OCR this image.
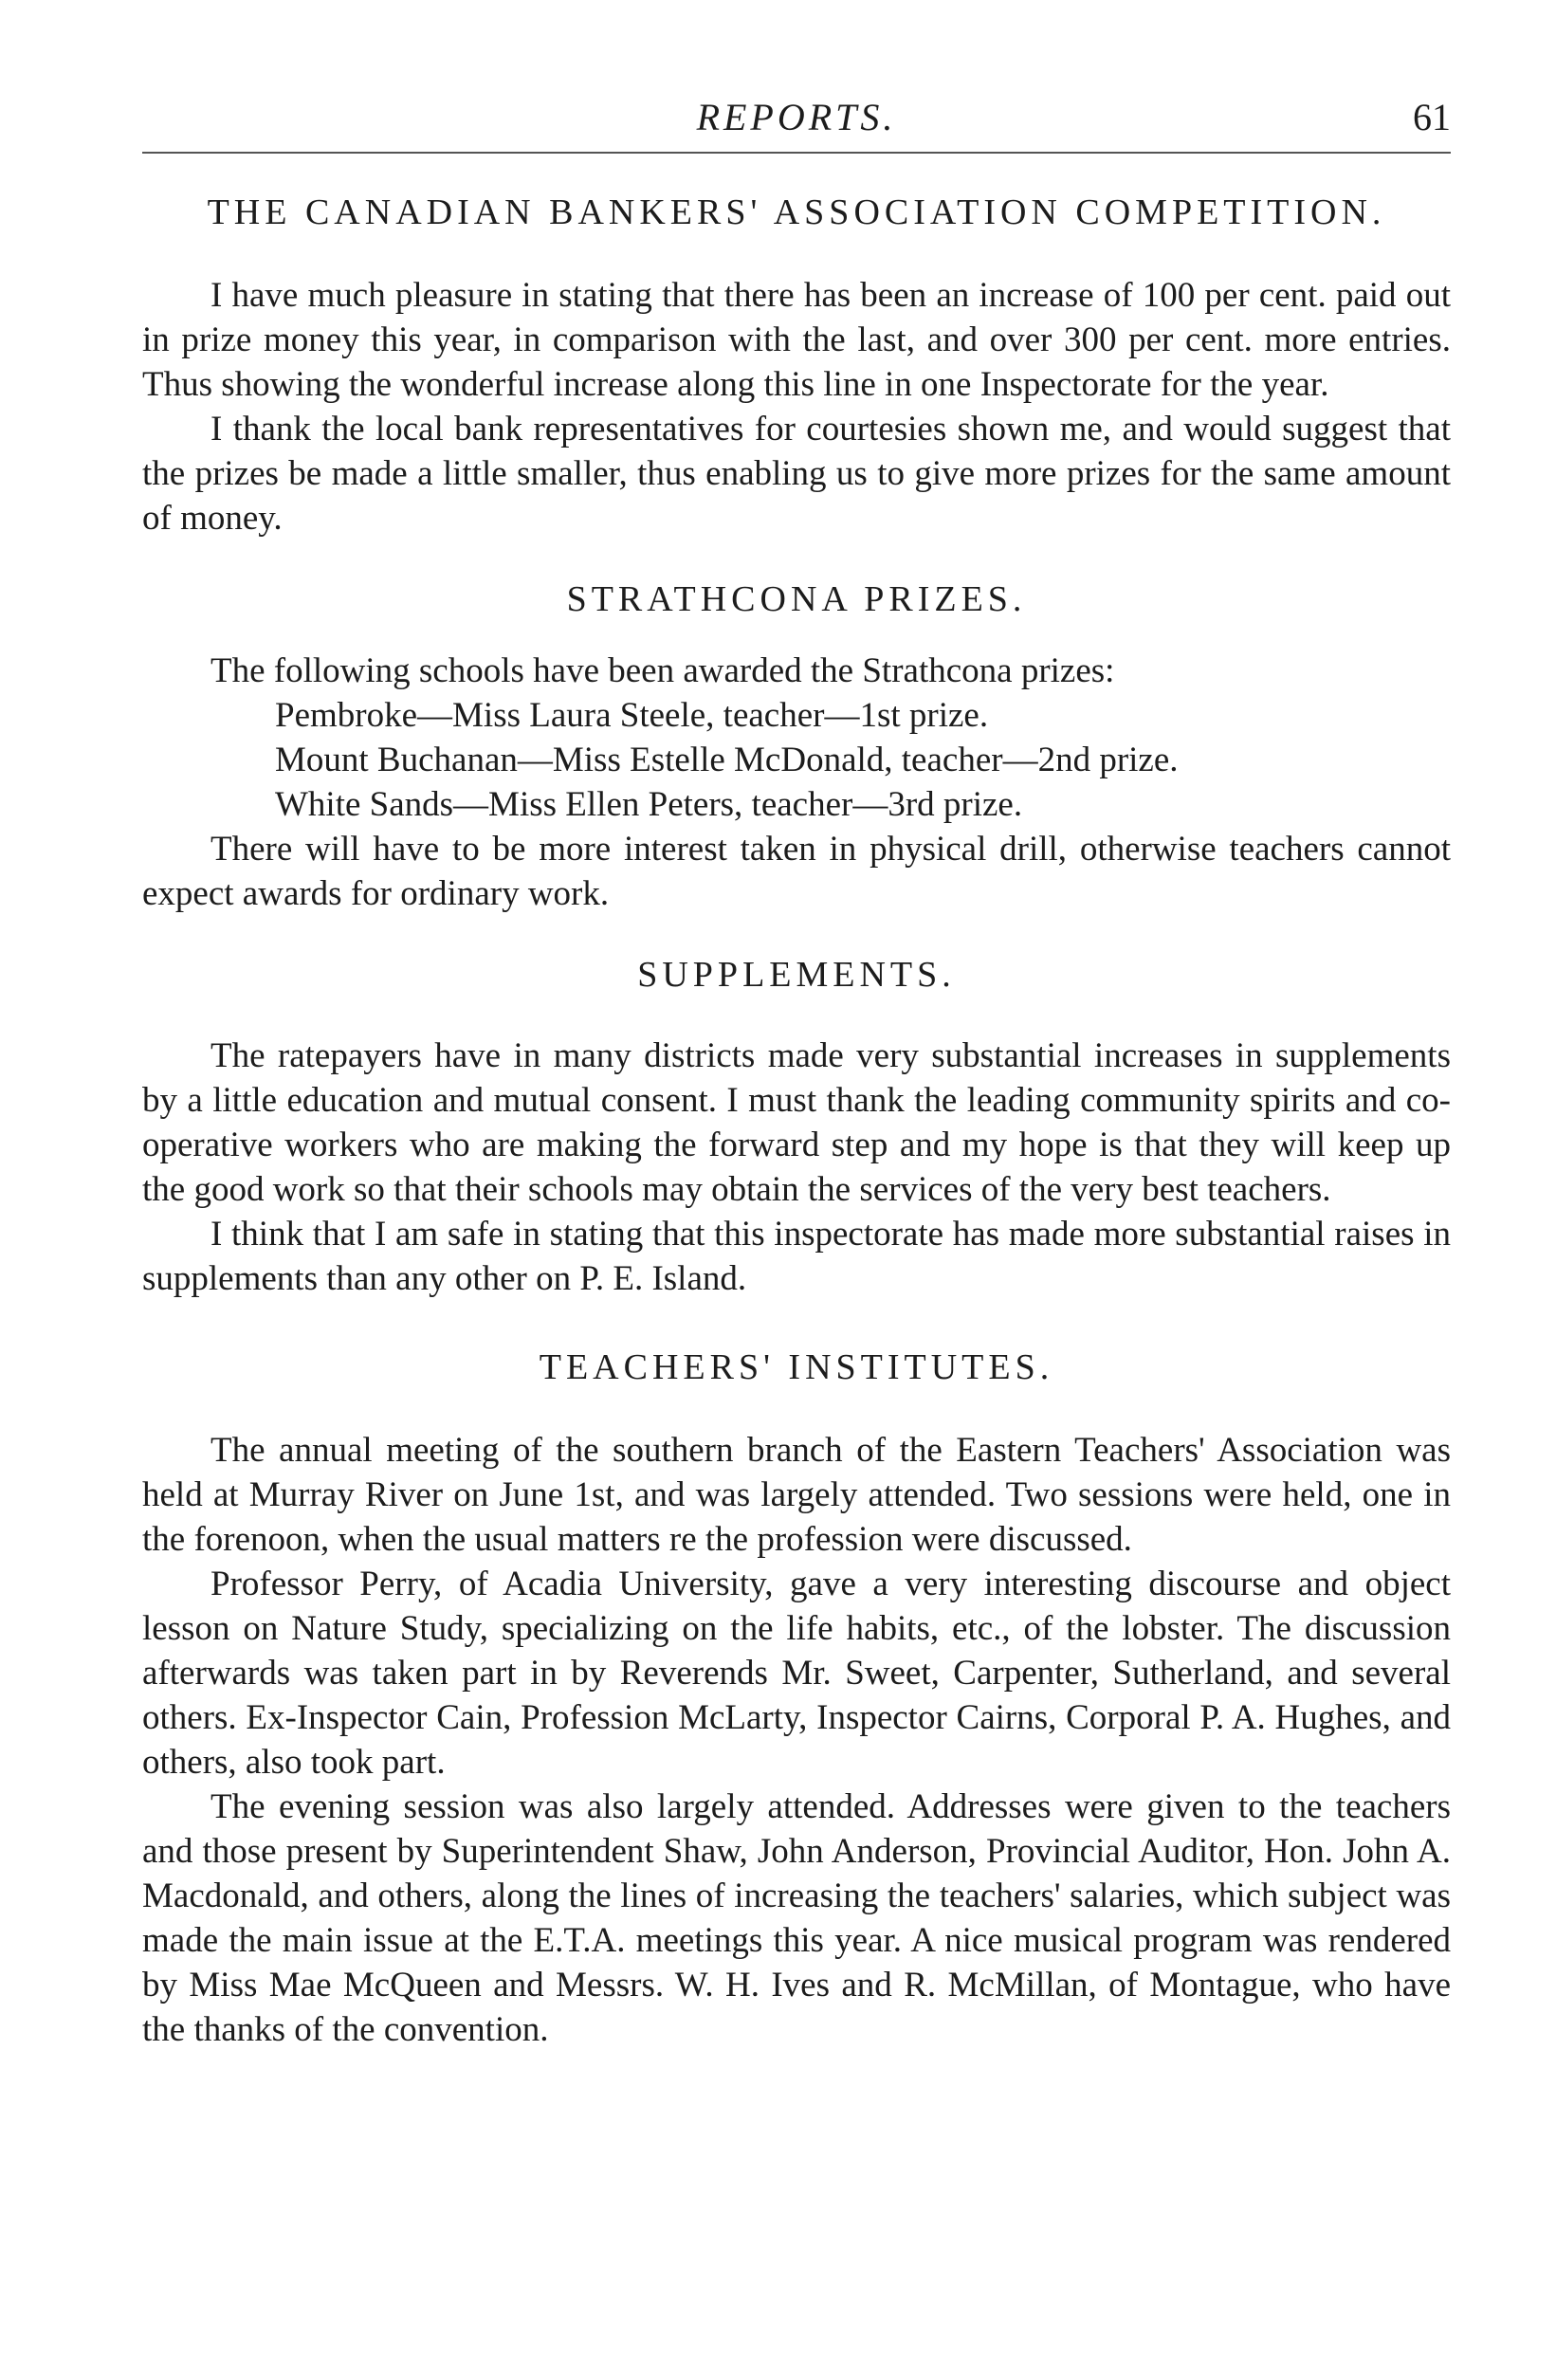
REPORTS.	61
THE CANADIAN BANKERS' ASSOCIATION COMPETITION.

I have much pleasure in stating that there has been an increase of 100 per cent. paid out in prize money this year, in comparison with the last, and over 300 per cent. more entries. Thus showing the wonderful increase along this line in one Inspectorate for the year.

I thank the local bank representatives for courtesies shown me, and would suggest that the prizes be made a little smaller, thus enabling us to give more prizes for the same amount of money.

STRATHCONA PRIZES.

The following schools have been awarded the Strathcona prizes:

Pembroke—Miss Laura Steele, teacher—1st prize.

Mount Buchanan—Miss Estelle McDonald, teacher—2nd prize.

White Sands—Miss Ellen Peters, teacher—3rd prize.

There will have to be more interest taken in physical drill, otherwise teachers cannot expect awards for ordinary work.

SUPPLEMENTS.

The ratepayers have in many districts made very substantial increases in supplements by a little education and mutual consent. I must thank the leading community spirits and co-operative workers who are making the forward step and my hope is that they will keep up the good work so that their schools may obtain the services of the very best teachers.

I think that I am safe in stating that this inspectorate has made more substantial raises in supplements than any other on P. E. Island.

TEACHERS' INSTITUTES.

The annual meeting of the southern branch of the Eastern Teachers' Association was held at Murray River on June 1st, and was largely attended. Two sessions were held, one in the forenoon, when the usual matters re the profession were discussed.

Professor Perry, of Acadia University, gave a very interesting discourse and object lesson on Nature Study, specializing on the life habits, etc., of the lobster. The discussion afterwards was taken part in by Reverends Mr. Sweet, Carpenter, Sutherland, and several others. Ex-Inspector Cain, Profession McLarty, Inspector Cairns, Corporal P. A. Hughes, and others, also took part.

The evening session was also largely attended. Addresses were given to the teachers and those present by Superintendent Shaw, John Anderson, Provincial Auditor, Hon. John A. Macdonald, and others, along the lines of increasing the teachers' salaries, which subject was made the main issue at the E.T.A. meetings this year. A nice musical program was rendered by Miss Mae McQueen and Messrs. W. H. Ives and R. McMillan, of Montague, who have the thanks of the convention.
